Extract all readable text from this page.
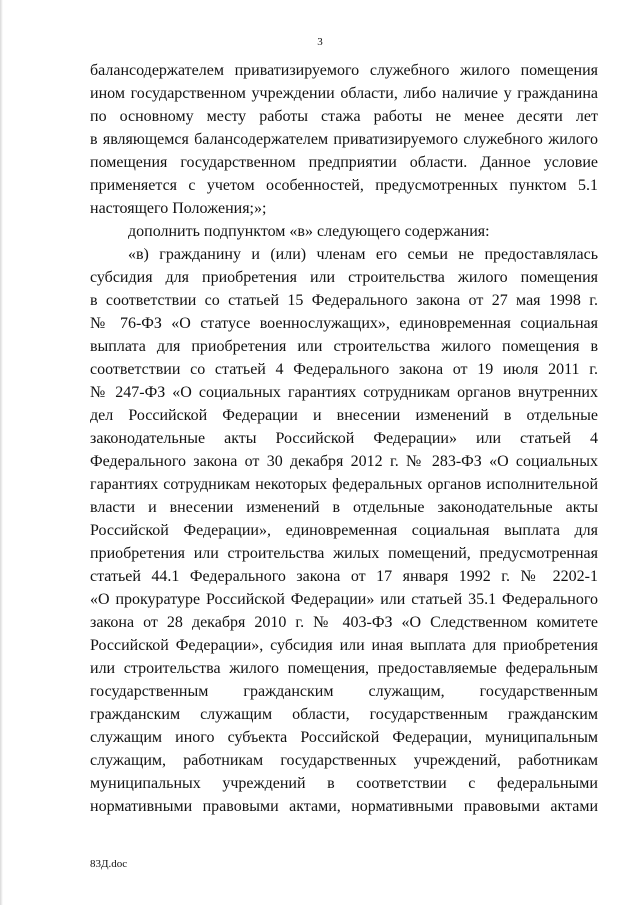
3
балансодержателем приватизируемого служебного жилого помещения
ином государственном учреждении области, либо наличие у гражданина
по основному месту работы стажа работы не менее десяти лет
в являющемся балансодержателем приватизируемого служебного жилого
помещения государственном предприятии области. Данное условие
применяется с учетом особенностей, предусмотренных пунктом 5.1
настоящего Положения;»;
дополнить подпунктом «в» следующего содержания:
«в) гражданину и (или) членам его семьи не предоставлялась
субсидия для приобретения или строительства жилого помещения
в соответствии со статьей 15 Федерального закона от 27 мая 1998 г.
№ 76-ФЗ «О статусе военнослужащих», единовременная социальная
выплата для приобретения или строительства жилого помещения в
соответствии со статьей 4 Федерального закона от 19 июля 2011 г.
№ 247-ФЗ «О социальных гарантиях сотрудникам органов внутренних
дел Российской Федерации и внесении изменений в отдельные
законодательные акты Российской Федерации» или статьей 4
Федерального закона от 30 декабря 2012 г. № 283-ФЗ «О социальных
гарантиях сотрудникам некоторых федеральных органов исполнительной
власти и внесении изменений в отдельные законодательные акты
Российской Федерации», единовременная социальная выплата для
приобретения или строительства жилых помещений, предусмотренная
статьей 44.1 Федерального закона от 17 января 1992 г. № 2202-1
«О прокуратуре Российской Федерации» или статьей 35.1 Федерального
закона от 28 декабря 2010 г. № 403-ФЗ «О Следственном комитете
Российской Федерации», субсидия или иная выплата для приобретения
или строительства жилого помещения, предоставляемые федеральным
государственным гражданским служащим, государственным
гражданским служащим области, государственным гражданским
служащим иного субъекта Российской Федерации, муниципальным
служащим, работникам государственных учреждений, работникам
муниципальных учреждений в соответствии с федеральными
нормативными правовыми актами, нормативными правовыми актами
83Д.doc
